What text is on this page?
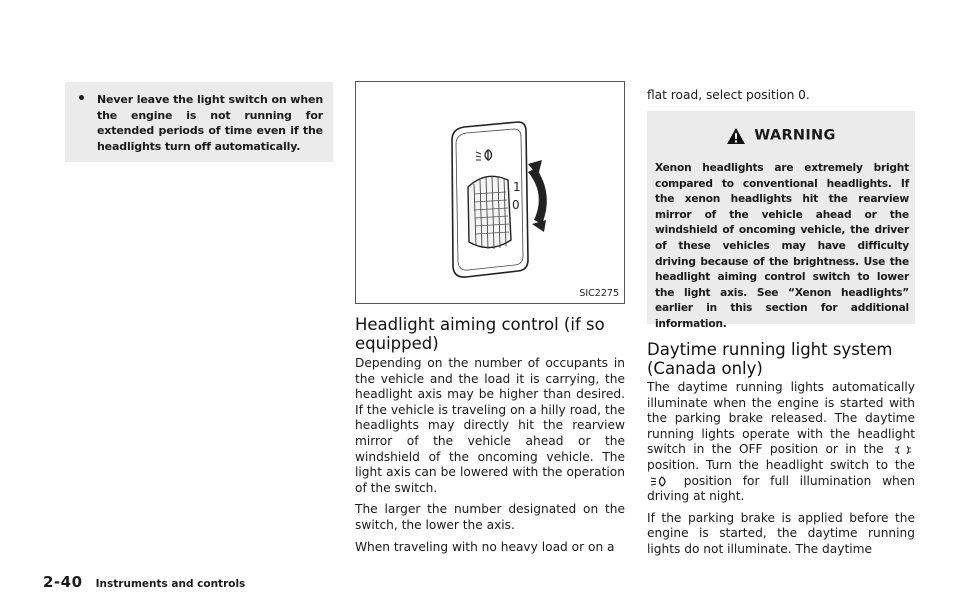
• Never leave the light switch on when the engine is not running for extended periods of time even if the headlights turn off automatically.

1
0
SIC2275
Headlight aiming control (if so equipped)

Depending on the number of occupants in the vehicle and the load it is carrying, the headlight axis may be higher than desired. If the vehicle is traveling on a hilly road, the headlights may directly hit the rearview mirror of the vehicle ahead or the windshield of the oncoming vehicle. The light axis can be lowered with the operation of the switch.

The larger the number designated on the switch, the lower the axis.

When traveling with no heavy load or on a

flat road, select position 0.
WARNING
Xenon headlights are extremely bright compared to conventional headlights. If the xenon headlights hit the rearview mirror of the vehicle ahead or the windshield of oncoming vehicle, the driver of these vehicles may have difficulty driving because of the brightness. Use the headlight aiming control switch to lower the light axis. See “Xenon headlights” earlier in this section for additional information.
Daytime running light system (Canada only)

The daytime running lights automatically illuminate when the engine is started with the parking brake released. The daytime running lights operate with the headlight switch in the OFF position or in the  position. Turn the headlight switch to the  position for full illumination when driving at night.

If the parking brake is applied before the engine is started, the daytime running lights do not illuminate. The daytime

2-40 Instruments and controls
